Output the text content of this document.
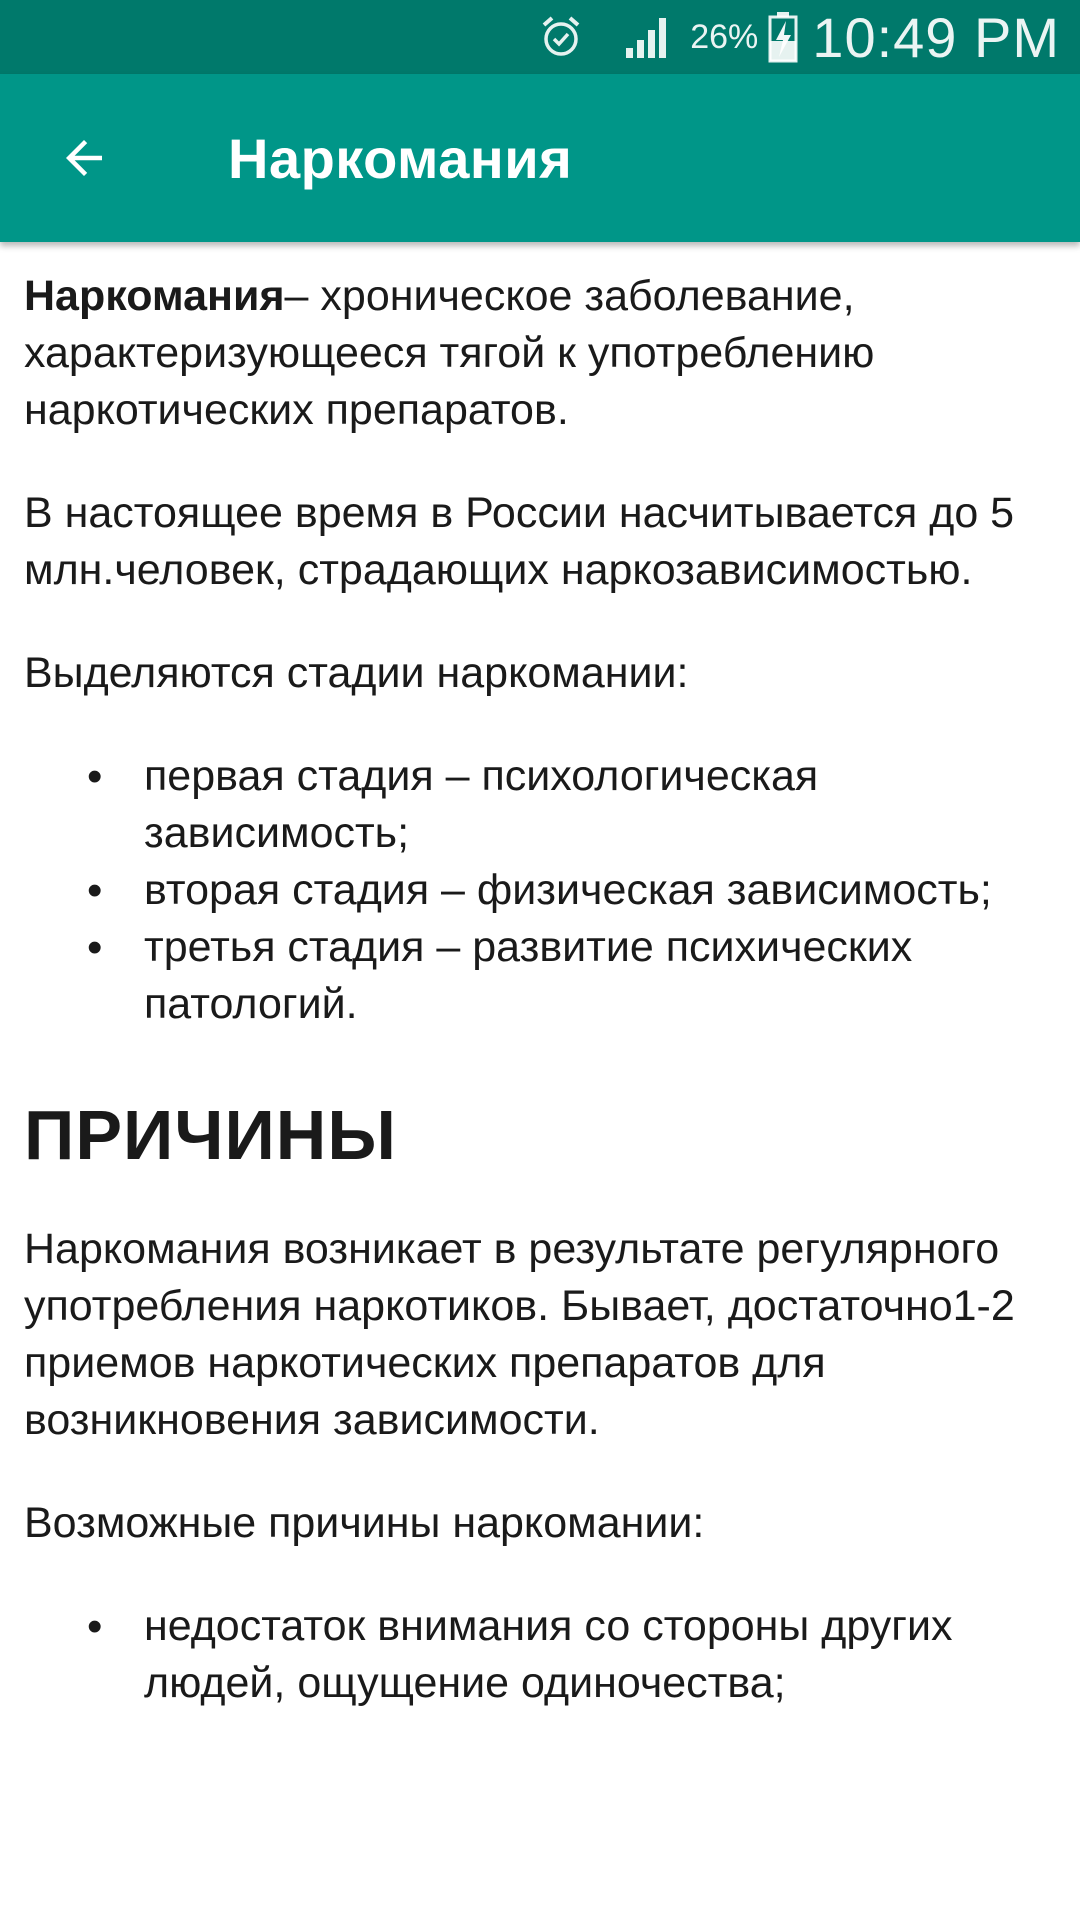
26% 10:49 PM
Наркомания

Наркомания– хроническое заболевание, характеризующееся тягой к употреблению наркотических препаратов.

В настоящее время в России насчитывается до 5 млн.человек, страдающих наркозависимостью.

Выделяются стадии наркомании:

• первая стадия – психологическая зависимость;
• вторая стадия – физическая зависимость;
• третья стадия – развитие психических патологий.
ПРИЧИНЫ

Наркомания возникает в результате регулярного употребления наркотиков. Бывает, достаточно1-2 приемов наркотических препаратов для возникновения зависимости.

Возможные причины наркомании:

• недостаток внимания со стороны других людей, ощущение одиночества;
